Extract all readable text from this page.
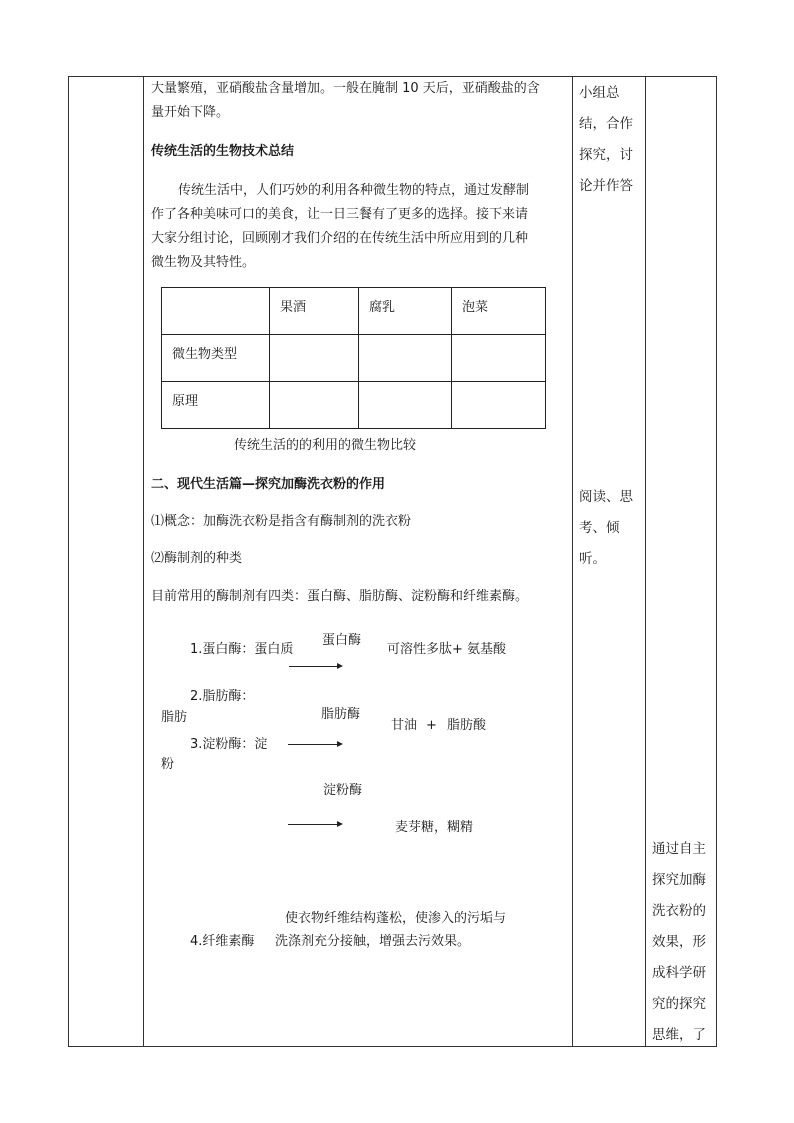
大量繁殖，亚硝酸盐含量增加。一般在腌制 10 天后，亚硝酸盐的含
量开始下降。
传统生活的生物技术总结
传统生活中，人们巧妙的利用各种微生物的特点，通过发酵制
作了各种美味可口的美食，让一日三餐有了更多的选择。接下来请
大家分组讨论，回顾刚才我们介绍的在传统生活中所应用到的几种
微生物及其特性。
	果酒	腐乳	泡菜
微生物类型			
原理			
传统生活的的利用的微生物比较
二、现代生活篇—探究加酶洗衣粉的作用
⑴概念：加酶洗衣粉是指含有酶制剂的洗衣粉
⑵酶制剂的种类
目前常用的酶制剂有四类：蛋白酶、脂肪酶、淀粉酶和纤维素酶。
蛋白酶
1.蛋白酶：蛋白质	可溶性多肽+ 氨基酸
2.脂肪酶：
脂肪	脂肪酶
甘油 + 脂肪酸
3.淀粉酶：淀
粉
淀粉酶
麦芽糖，糊精
使衣物纤维结构蓬松，使渗入的污垢与
4.纤维素酶 洗涤剂充分接触，增强去污效果。
小组总
结，合作
探究，讨
论并作答
阅读、思
考、倾
听。
通过自主
探究加酶
洗衣粉的
效果，形
成科学研
究的探究
思维，了
